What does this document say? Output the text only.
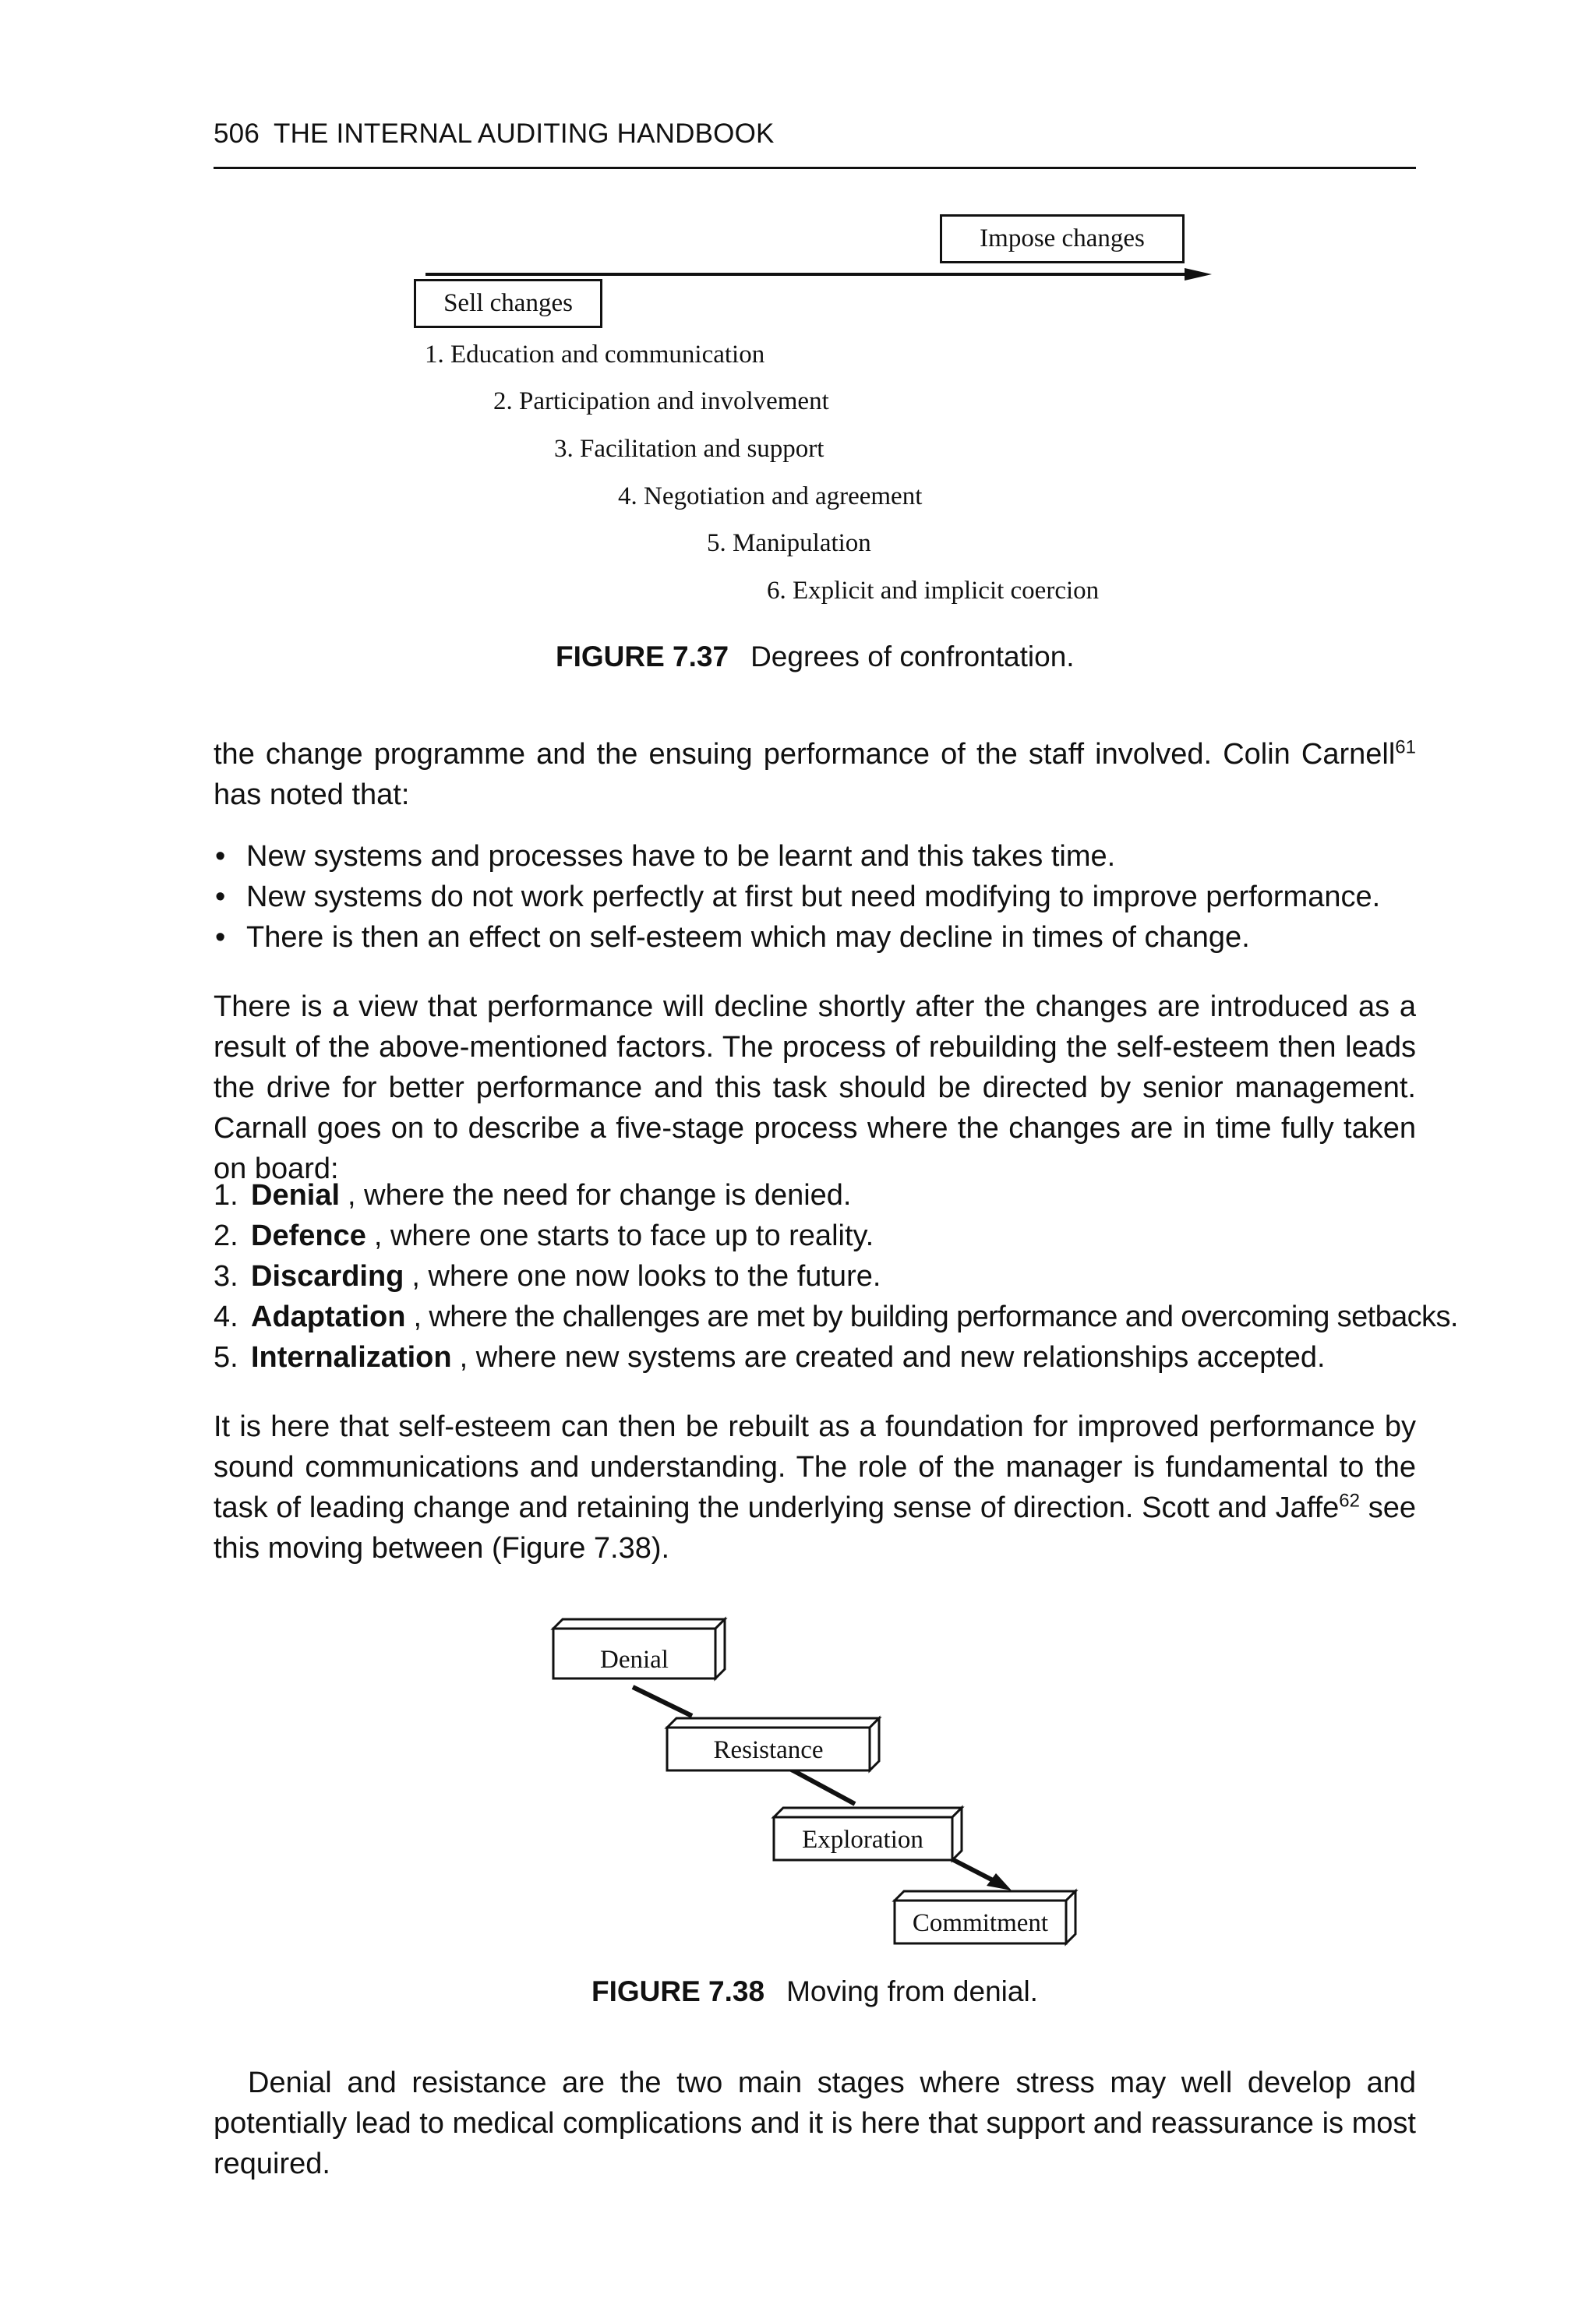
506 THE INTERNAL AUDITING HANDBOOK
Impose changes
Sell changes
1. Education and communication
2. Participation and involvement
3. Facilitation and support
4. Negotiation and agreement
5. Manipulation
6. Explicit and implicit coercion
FIGURE 7.37 Degrees of confrontation.
the change programme and the ensuing performance of the staff involved. Colin Carnell$^{61}$ has noted that:
• New systems and processes have to be learnt and this takes time.
• New systems do not work perfectly at first but need modifying to improve performance.
• There is then an effect on self-esteem which may decline in times of change.
There is a view that performance will decline shortly after the changes are introduced as a result of the above-mentioned factors. The process of rebuilding the self-esteem then leads the drive for better performance and this task should be directed by senior management. Carnall goes on to describe a five-stage process where the changes are in time fully taken on board:
1. Denial , where the need for change is denied.
2. Defence , where one starts to face up to reality.
3. Discarding , where one now looks to the future.
4. Adaptation , where the challenges are met by building performance and overcoming setbacks.
5. Internalization , where new systems are created and new relationships accepted.
It is here that self-esteem can then be rebuilt as a foundation for improved performance by sound communications and understanding. The role of the manager is fundamental to the task of leading change and retaining the underlying sense of direction. Scott and Jaffe$^{62}$ see this moving between (Figure 7.38).
Denial
Resistance
Exploration
Commitment
FIGURE 7.38 Moving from denial.
Denial and resistance are the two main stages where stress may well develop and potentially lead to medical complications and it is here that support and reassurance is most required.
